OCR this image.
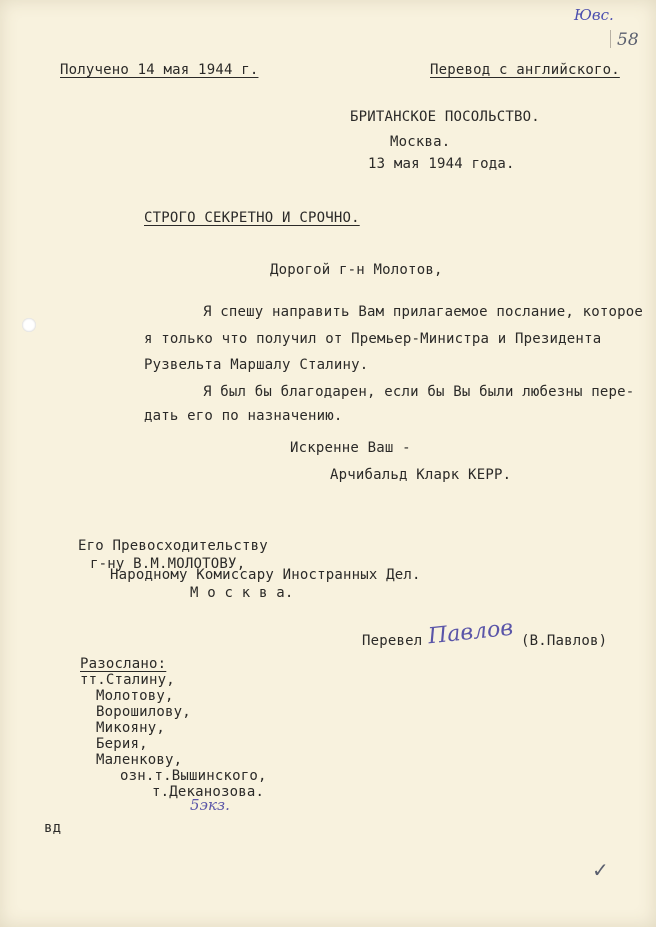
Ювс.
58
Получено 14 мая 1944 г.	Перевод с английского.
БРИТАНСКОЕ ПОСОЛЬСТВО.
Москва.
13 мая 1944 года.
СТРОГО СЕКРЕТНО И СРОЧНО.
Дорогой г-н Молотов,
Я спешу направить Вам прилагаемое послание, которое
я только что получил от Премьер-Министра и Президента
Рузвельта Маршалу Сталину.
Я был бы благодарен, если бы Вы были любезны пере-
дать его по назначению.
Искренне Ваш -
Арчибальд Кларк КЕРР.
Его Превосходительству
г-ну В.М.МОЛОТОВУ,
Народному Комиссару Иностранных Дел.
М о с к в а.
Перевел Павлов (В.Павлов)
Разослано:
тт.Сталину,
Молотову,
Ворошилову,
Микояну,
Берия,
Маленкову,
озн.т.Вышинского,
т.Деканозова.
5экз.
вд
✓
